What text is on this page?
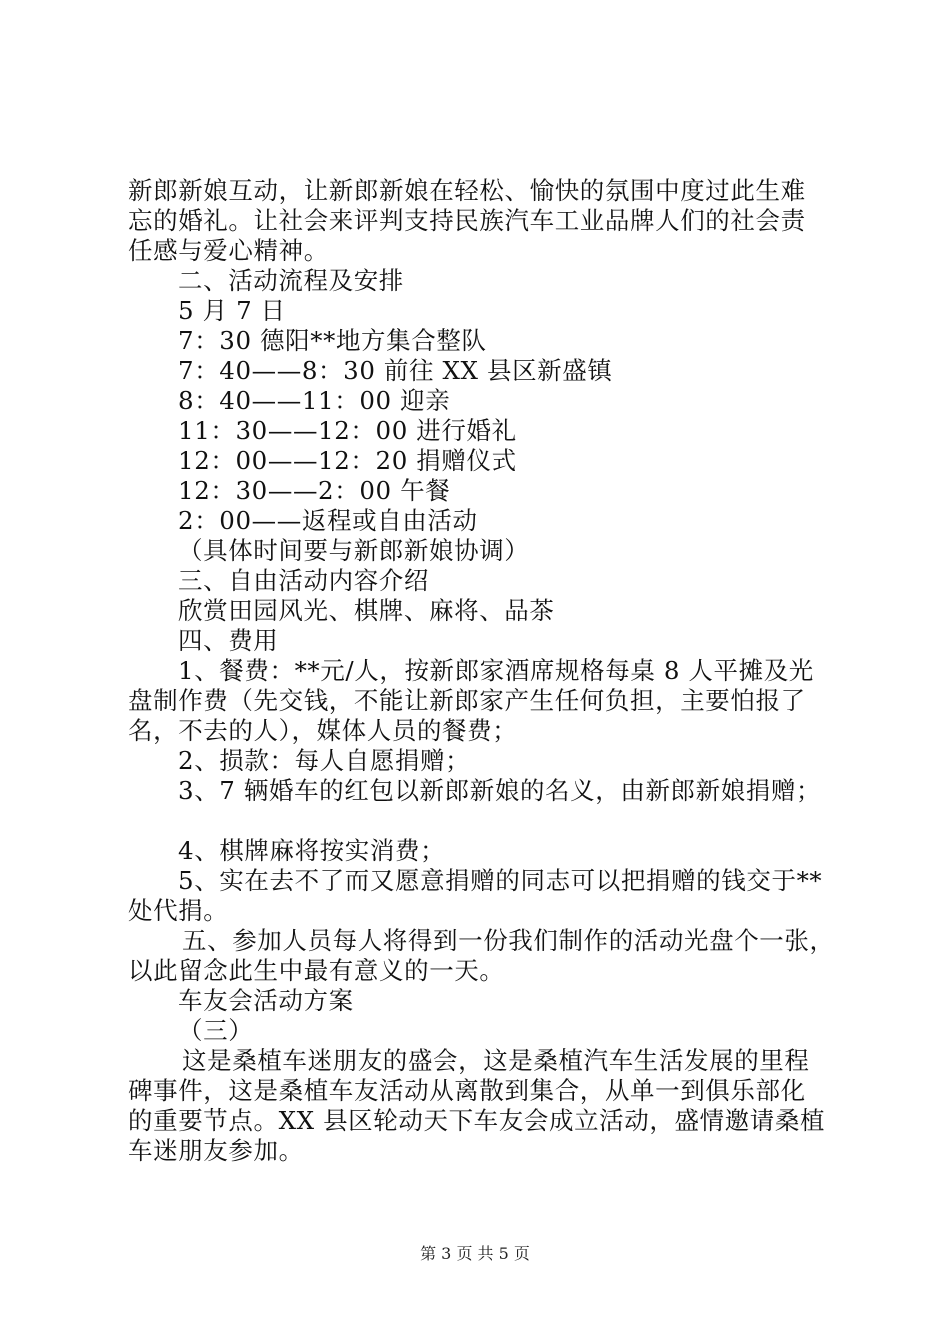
新郎新娘互动，让新郎新娘在轻松、愉快的氛围中度过此生难
忘的婚礼。让社会来评判支持民族汽车工业品牌人们的社会责
任感与爱心精神。
二、活动流程及安排
5 月 7 日
7：30 德阳**地方集合整队
7：40——8：30 前往 XX 县区新盛镇
8：40——11：00 迎亲
11：30——12：00 进行婚礼
12：00——12：20 捐赠仪式
12：30——2：00 午餐
2：00——返程或自由活动
（具体时间要与新郎新娘协调）
三、自由活动内容介绍
欣赏田园风光、棋牌、麻将、品茶
四、费用
1、餐费：**元/人，按新郎家酒席规格每桌 8 人平摊及光
盘制作费（先交钱，不能让新郎家产生任何负担，主要怕报了
名，不去的人），媒体人员的餐费；
2、损款：每人自愿捐赠；
3、7 辆婚车的红包以新郎新娘的名义，由新郎新娘捐赠；
4、棋牌麻将按实消费；
5、实在去不了而又愿意捐赠的同志可以把捐赠的钱交于**
处代捐。
五、参加人员每人将得到一份我们制作的活动光盘个一张，
以此留念此生中最有意义的一天。
车友会活动方案
（三）
这是桑植车迷朋友的盛会，这是桑植汽车生活发展的里程
碑事件，这是桑植车友活动从离散到集合，从单一到俱乐部化
的重要节点。XX 县区轮动天下车友会成立活动，盛情邀请桑植
车迷朋友参加。
第 3 页 共 5 页
